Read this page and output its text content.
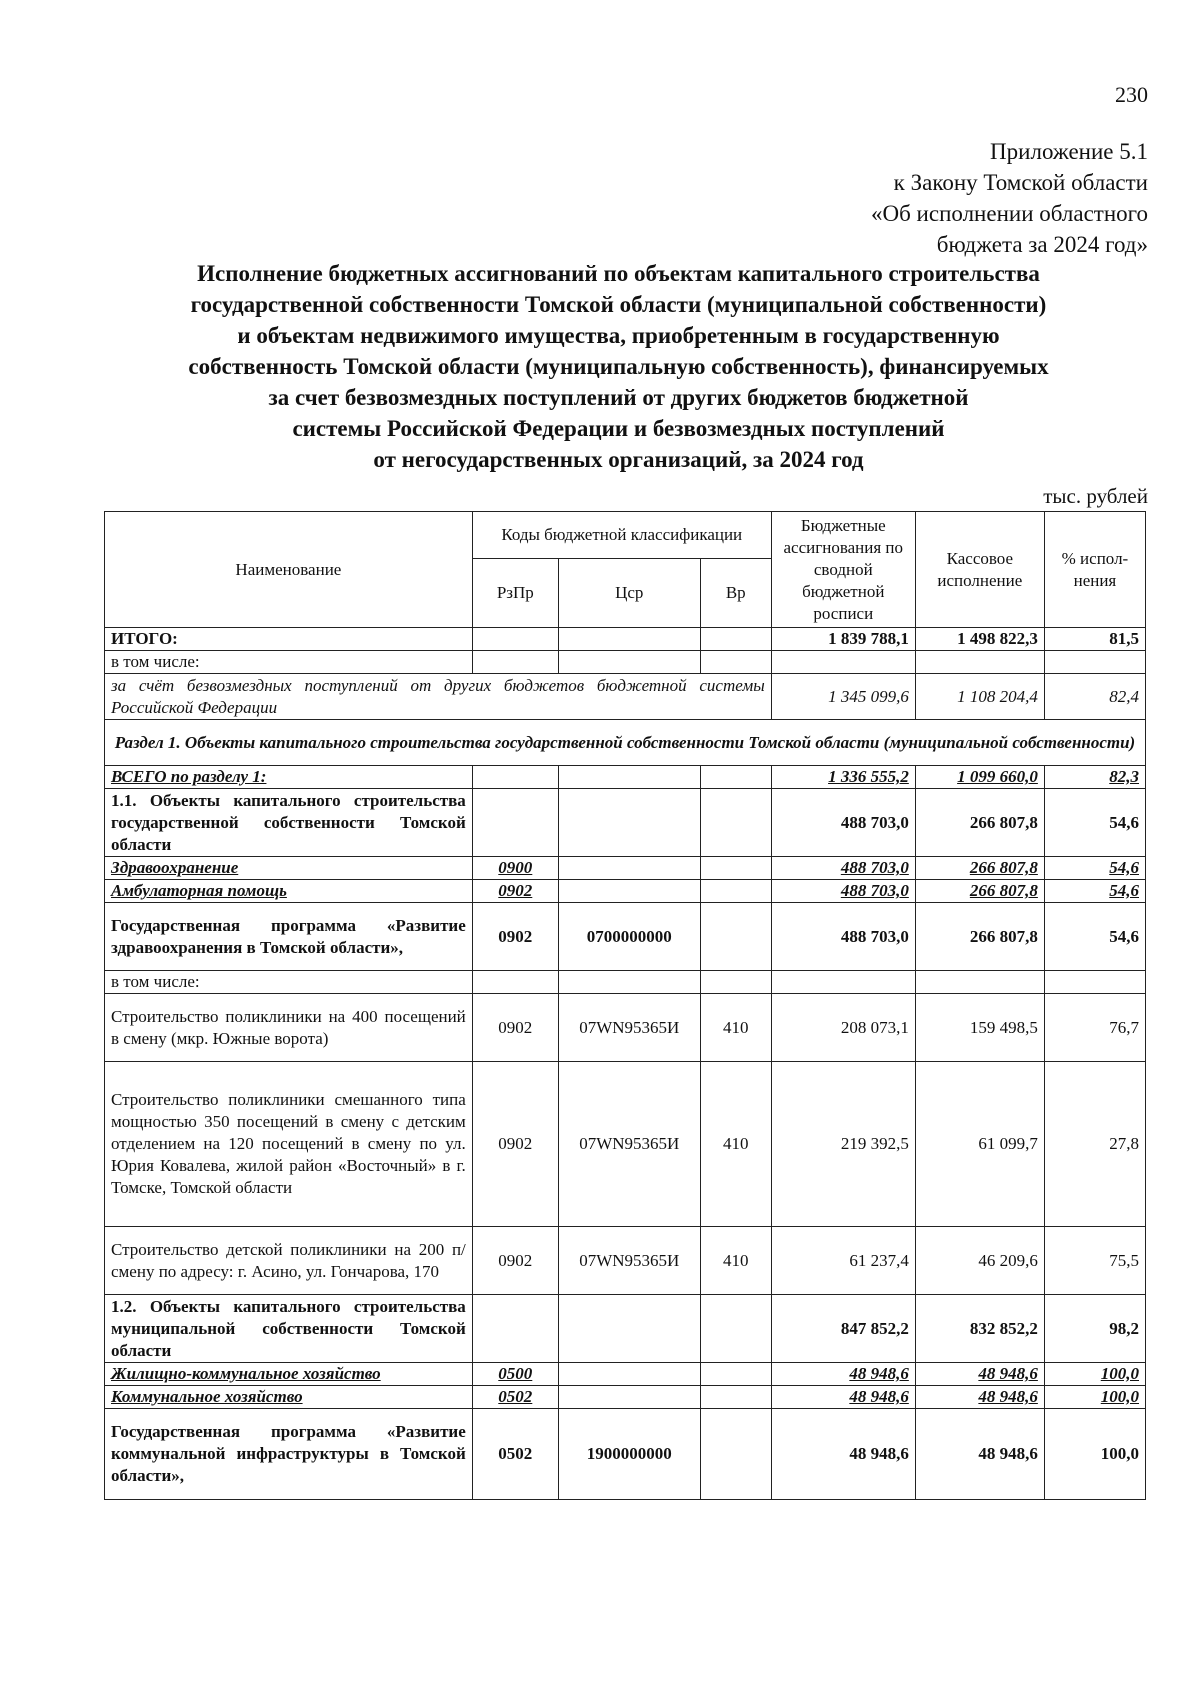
230
Приложение 5.1
к Закону Томской области
«Об исполнении областного
бюджета за 2024 год»
Исполнение бюджетных ассигнований по объектам капитального строительства
государственной собственности Томской области (муниципальной собственности)
и объектам недвижимого имущества, приобретенным в государственную
собственность Томской области (муниципальную собственность), финансируемых
за счет безвозмездных поступлений от других бюджетов бюджетной
системы Российской Федерации и безвозмездных поступлений
от негосударственных организаций, за 2024 год
тыс. рублей
Наименование	Коды бюджетной классификации			Бюджетные ассигнования по сводной бюджетной росписи	Кассовое исполнение	% испол-нения
	РзПр	Цср	Вр			
ИТОГО:				1 839 788,1	1 498 822,3	81,5
в том числе:						
за счёт безвозмездных поступлений от других бюджетов бюджетной системы Российской Федерации				1 345 099,6	1 108 204,4	82,4
Раздел 1. Объекты капитального строительства государственной собственности Томской области (муниципальной собственности)						
ВСЕГО по разделу 1:				1 336 555,2	1 099 660,0	82,3
1.1. Объекты капитального строительства государственной собственности Томской области				488 703,0	266 807,8	54,6
Здравоохранение	0900			488 703,0	266 807,8	54,6
Амбулаторная помощь	0902			488 703,0	266 807,8	54,6
Государственная программа «Развитие здравоохранения в Томской области»,	0902	0700000000		488 703,0	266 807,8	54,6
в том числе:						
Строительство поликлиники на 400 посещений в смену (мкр. Южные ворота)	0902	07WN95365И	410	208 073,1	159 498,5	76,7
Строительство поликлиники смешанного типа мощностью 350 посещений в смену с детским отделением на 120 посещений в смену по ул. Юрия Ковалева, жилой район «Восточный» в г. Томске, Томской области	0902	07WN95365И	410	219 392,5	61 099,7	27,8
Строительство детской поликлиники на 200 п/смену по адресу: г. Асино, ул. Гончарова, 170	0902	07WN95365И	410	61 237,4	46 209,6	75,5
1.2. Объекты капитального строительства муниципальной собственности Томской области				847 852,2	832 852,2	98,2
Жилищно-коммунальное хозяйство	0500			48 948,6	48 948,6	100,0
Коммунальное хозяйство	0502			48 948,6	48 948,6	100,0
Государственная программа «Развитие коммунальной инфраструктуры в Томской области»,	0502	1900000000		48 948,6	48 948,6	100,0
